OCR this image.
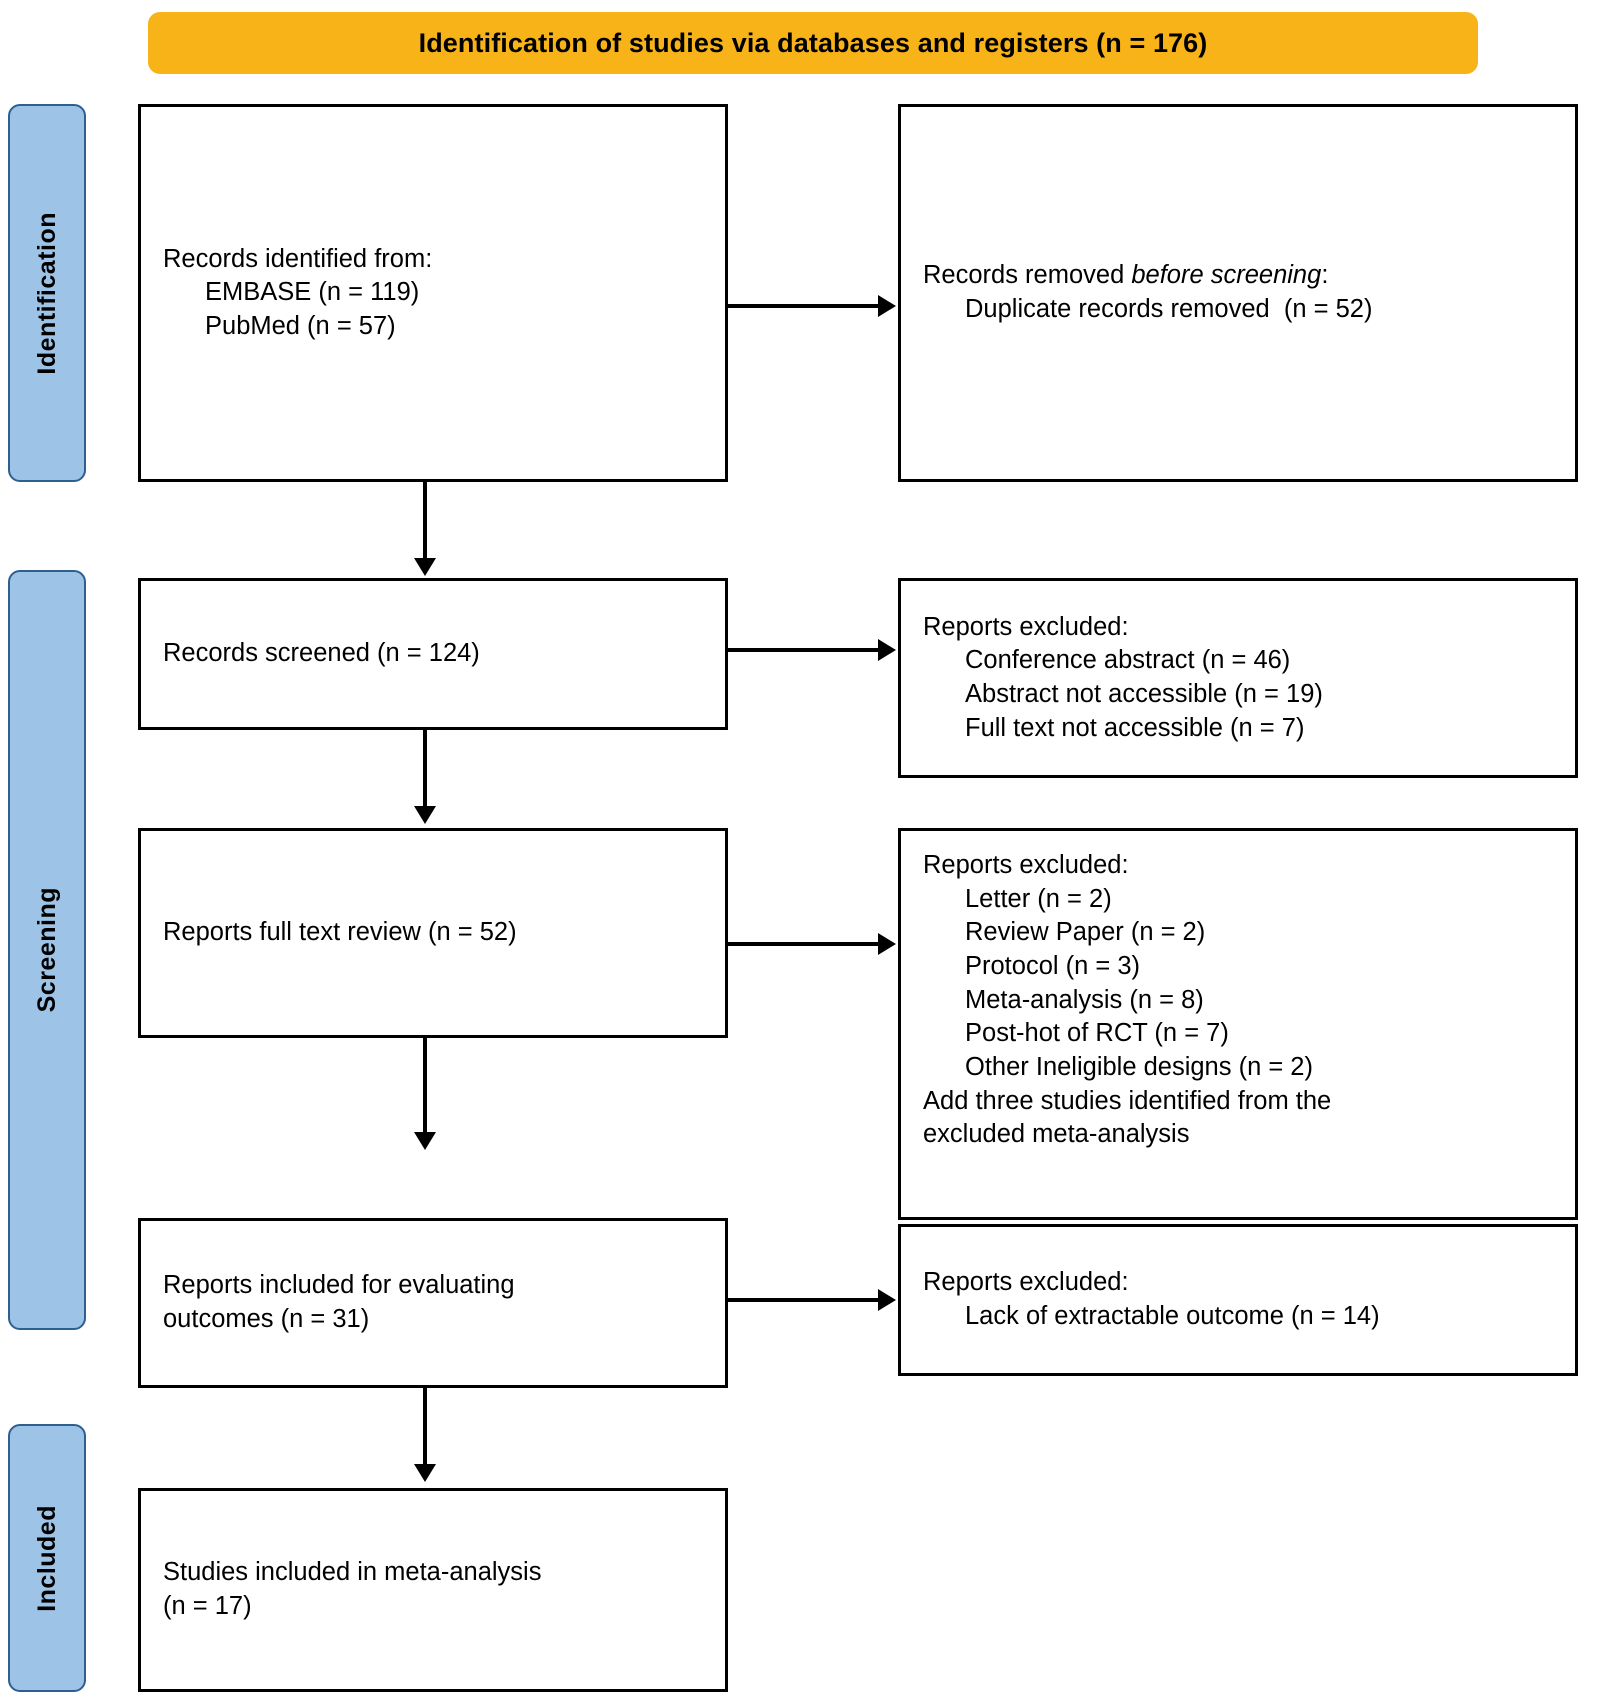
Identification of studies via databases and registers (n = 176)
Identification
Screening
Included
Records identified from:
EMBASE (n = 119)
PubMed (n = 57)
Records removed before screening:
Duplicate records removed  (n = 52)
Records screened (n = 124)
Reports excluded:
Conference abstract (n = 46)
Abstract not accessible (n = 19)
Full text not accessible (n = 7)
Reports full text review (n = 52)
Reports excluded:
Letter (n = 2)
Review Paper (n = 2)
Protocol (n = 3)
Meta-analysis (n = 8)
Post-hot of RCT (n = 7)
Other Ineligible designs (n = 2)
Add three studies identified from the
excluded meta-analysis
Reports included for evaluating
outcomes (n = 31)
Reports excluded:
Lack of extractable outcome (n = 14)
Studies included in meta-analysis
(n = 17)
